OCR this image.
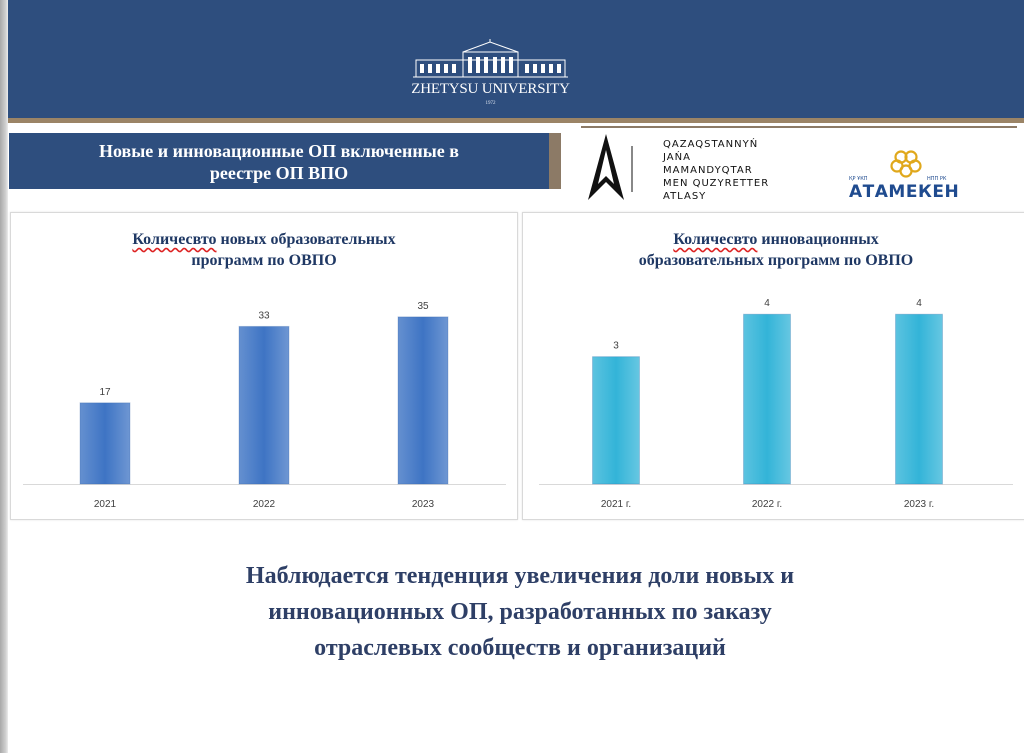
ZHETYSU UNIVERSITY
1972
Новые и инновационные ОП включенные в
реестре ОП ВПО
QAZAQSTANNYŃ
JAŃA
MAMANDYQTAR
MEN QUZYRETTER
ATLASY
ҚР ҰКП	НПП РК
АТАМЕКЕН
Количесвто новых образовательных
программ по ОВПО
17
2021
33
2022
35
2023
Количесвто инновационных
образовательных программ по ОВПО
3
2021 г.
4
2022 г.
4
2023 г.
Наблюдается тенденция увеличения доли новых и
инновационных ОП, разработанных по заказу
отраслевых сообществ и организаций
